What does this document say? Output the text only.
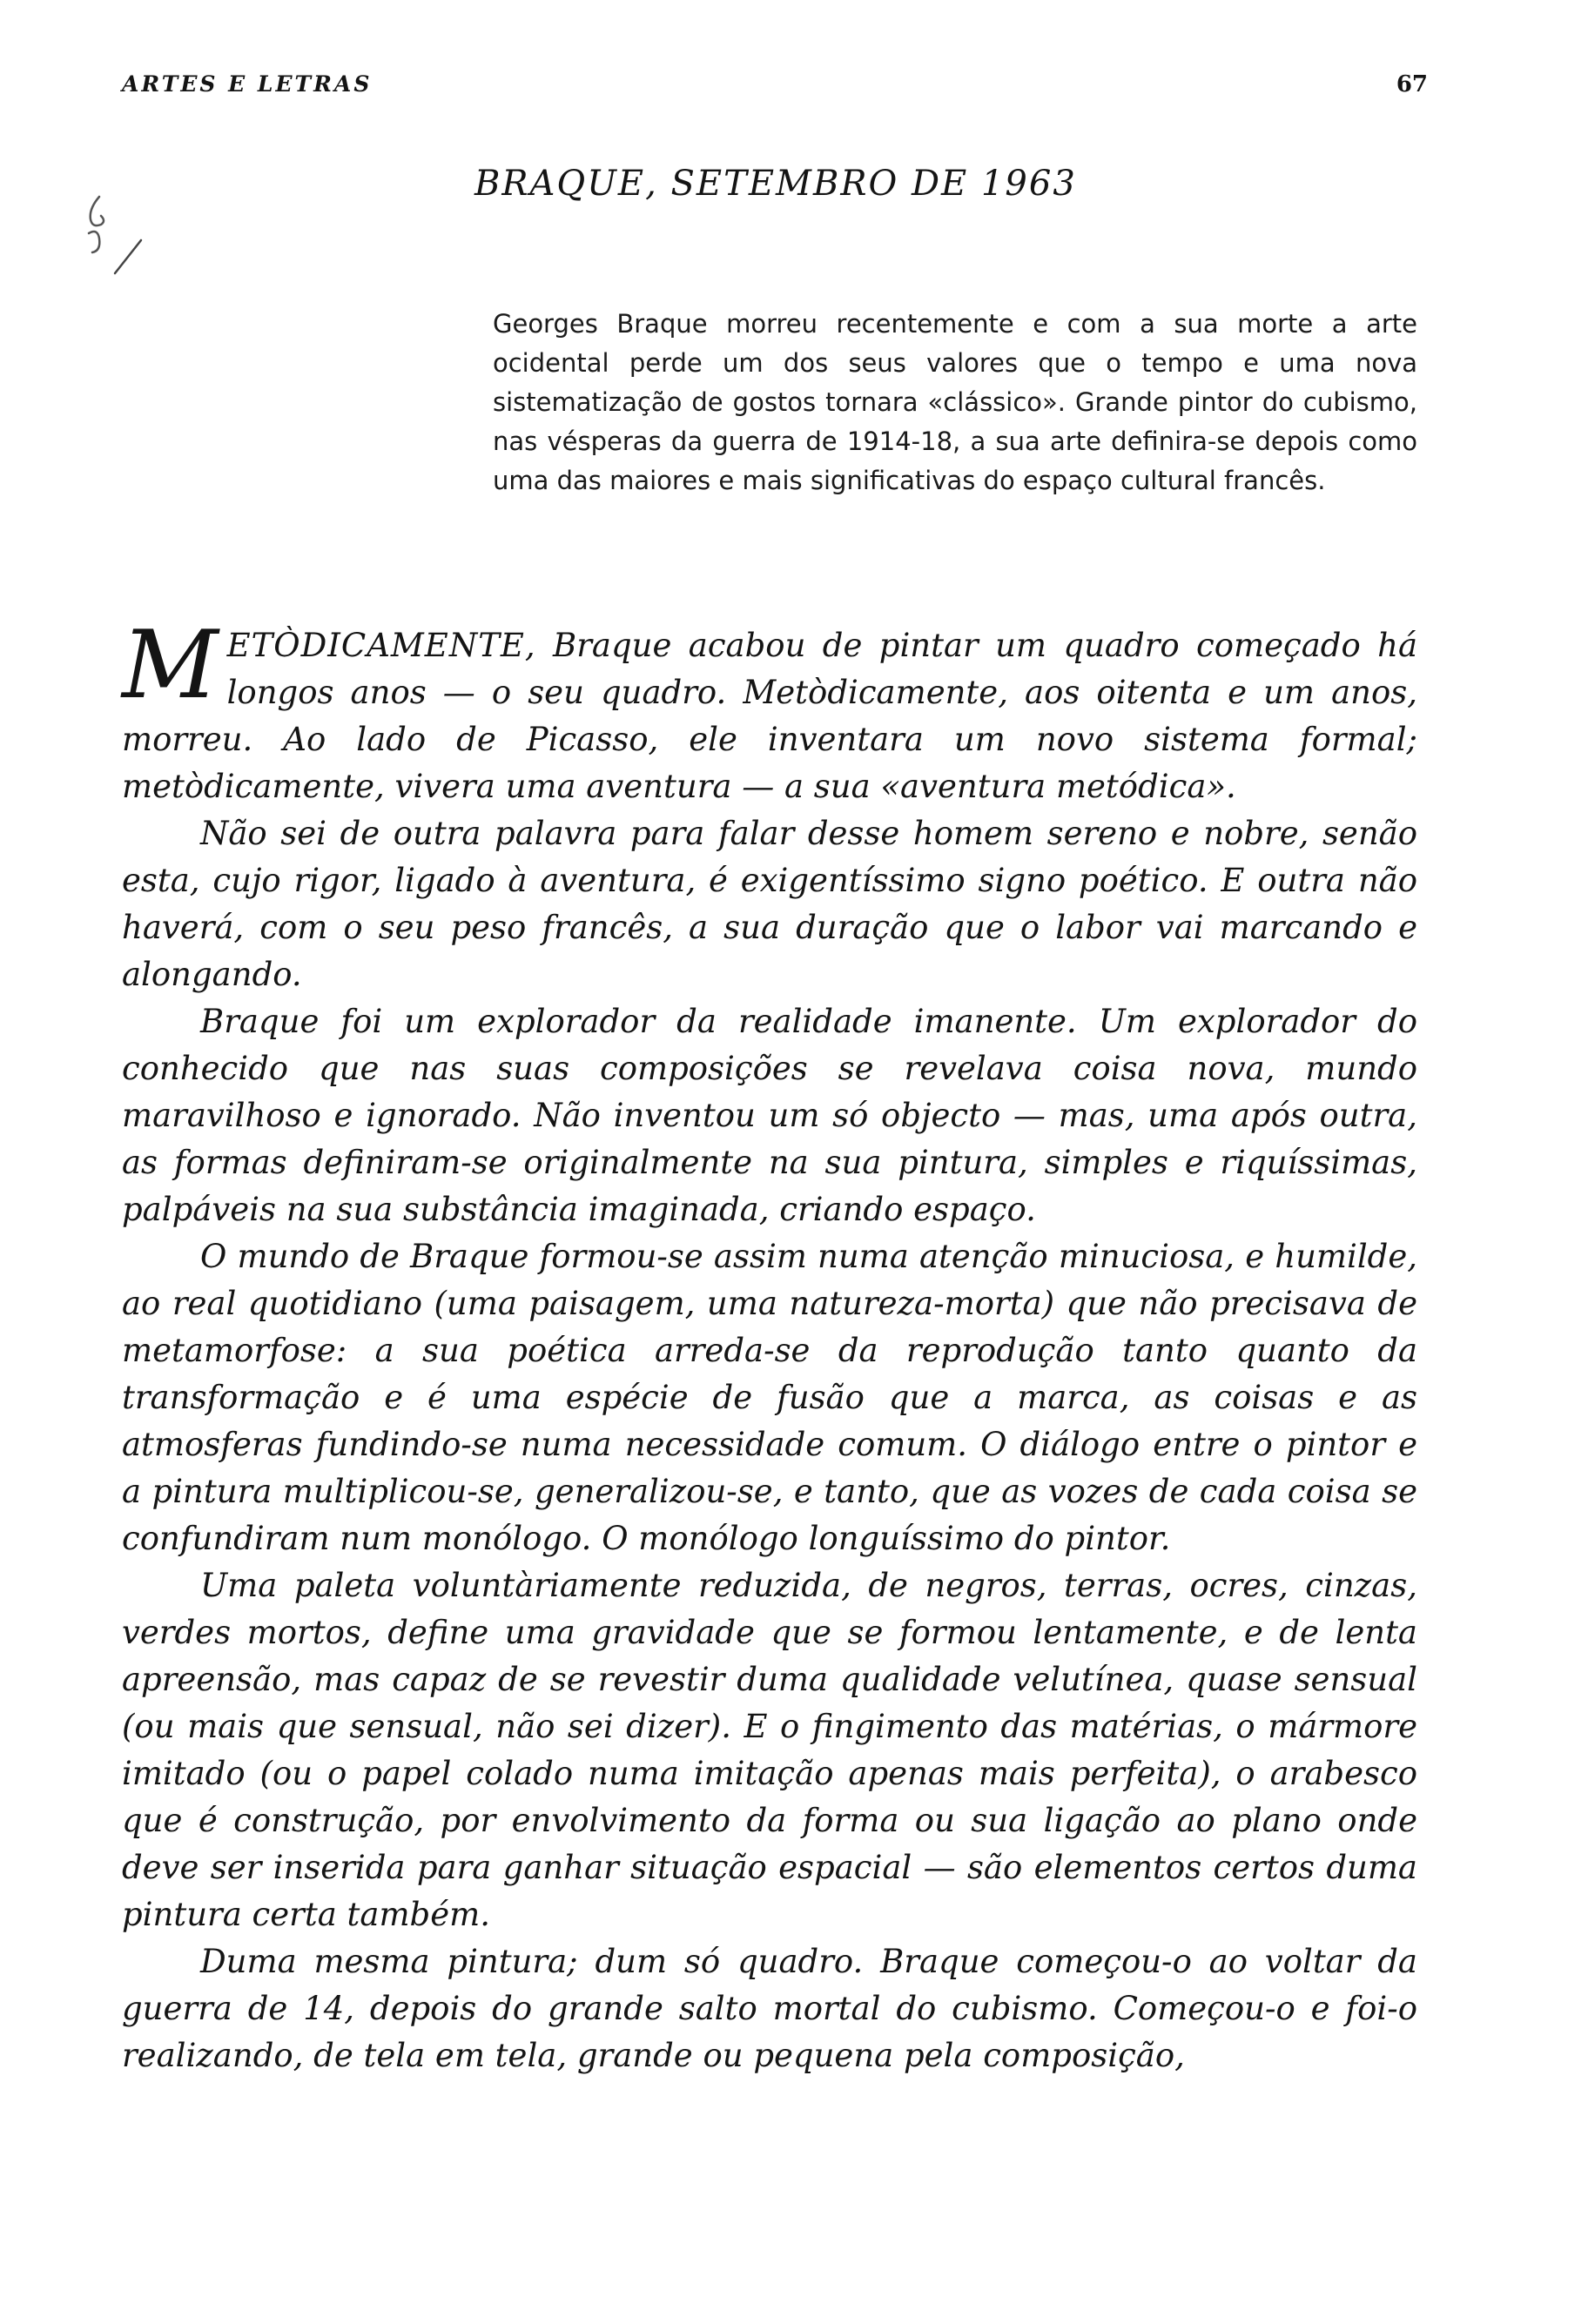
ARTES E LETRAS	67
BRAQUE, SETEMBRO DE 1963
Georges Braque morreu recentemente e com a sua morte a arte ocidental perde um dos seus valores que o tempo e uma nova sistematização de gostos tornara «clássico». Grande pintor do cubismo, nas vésperas da guerra de 1914-18, a sua arte definira-se depois como uma das maiores e mais significativas do espaço cultural francês.

METÒDICAMENTE, Braque acabou de pintar um quadro começado há longos anos — o seu quadro. Metòdicamente, aos oitenta e um anos, morreu. Ao lado de Picasso, ele inventara um novo sistema formal; metòdicamente, vivera uma aventura — a sua «aventura metódica».

Não sei de outra palavra para falar desse homem sereno e nobre, senão esta, cujo rigor, ligado à aventura, é exigentíssimo signo poético. E outra não haverá, com o seu peso francês, a sua duração que o labor vai marcando e alongando.

Braque foi um explorador da realidade imanente. Um explorador do conhecido que nas suas composições se revelava coisa nova, mundo maravilhoso e ignorado. Não inventou um só objecto — mas, uma após outra, as formas definiram-se originalmente na sua pintura, simples e riquíssimas, palpáveis na sua substância imaginada, criando espaço.

O mundo de Braque formou-se assim numa atenção minuciosa, e humilde, ao real quotidiano (uma paisagem, uma natureza-morta) que não precisava de metamorfose: a sua poética arreda-se da reprodução tanto quanto da transformação e é uma espécie de fusão que a marca, as coisas e as atmosferas fundindo-se numa necessidade comum. O diálogo entre o pintor e a pintura multiplicou-se, generalizou-se, e tanto, que as vozes de cada coisa se confundiram num monólogo. O monólogo longuíssimo do pintor.

Uma paleta voluntàriamente reduzida, de negros, terras, ocres, cinzas, verdes mortos, define uma gravidade que se formou lentamente, e de lenta apreensão, mas capaz de se revestir duma qualidade velutínea, quase sensual (ou mais que sensual, não sei dizer). E o fingimento das matérias, o mármore imitado (ou o papel colado numa imitação apenas mais perfeita), o arabesco que é construção, por envolvimento da forma ou sua ligação ao plano onde deve ser inserida para ganhar situação espacial — são elementos certos duma pintura certa também.

Duma mesma pintura; dum só quadro. Braque começou-o ao voltar da guerra de 14, depois do grande salto mortal do cubismo. Começou-o e foi-o realizando, de tela em tela, grande ou pequena pela composição,
